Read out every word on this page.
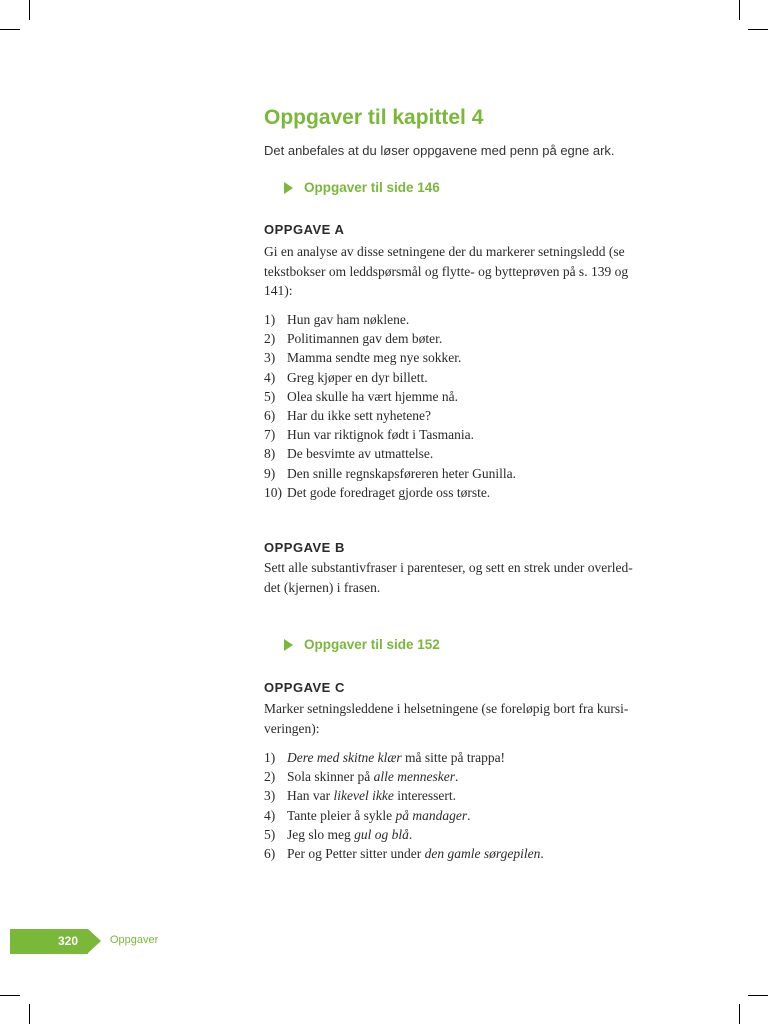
Oppgaver til kapittel 4
Det anbefales at du løser oppgavene med penn på egne ark.
Oppgaver til side 146
OPPGAVE A
Gi en analyse av disse setningene der du markerer setningsledd (se
tekstbokser om leddspørsmål og flytte- og bytteprøven på s. 139 og
141):
1) Hun gav ham nøklene.
2) Politimannen gav dem bøter.
3) Mamma sendte meg nye sokker.
4) Greg kjøper en dyr billett.
5) Olea skulle ha vært hjemme nå.
6) Har du ikke sett nyhetene?
7) Hun var riktignok født i Tasmania.
8) De besvimte av utmattelse.
9) Den snille regnskapsføreren heter Gunilla.
10) Det gode foredraget gjorde oss tørste.
OPPGAVE B
Sett alle substantivfraser i parenteser, og sett en strek under overled-
det (kjernen) i frasen.
Oppgaver til side 152
OPPGAVE C
Marker setningsleddene i helsetningene (se foreløpig bort fra kursi-
veringen):
1) Dere med skitne klær må sitte på trappa!
2) Sola skinner på alle mennesker.
3) Han var likevel ikke interessert.
4) Tante pleier å sykle på mandager.
5) Jeg slo meg gul og blå.
6) Per og Petter sitter under den gamle sørgepilen.
320	Oppgaver
